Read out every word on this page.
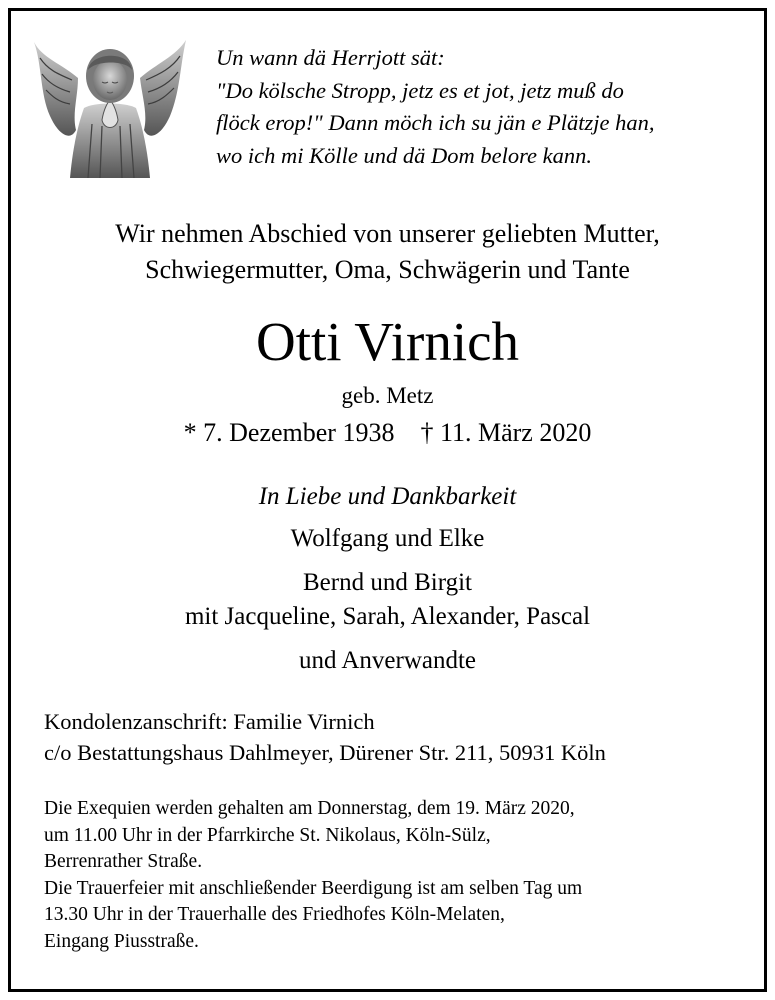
Un wann dä Herrjott sät:
"Do kölsche Stropp, jetz es et jot, jetz muß do
flöck erop!" Dann möch ich su jän e Plätzje han,
wo ich mi Kölle und dä Dom belore kann.
Wir nehmen Abschied von unserer geliebten Mutter,
Schwiegermutter, Oma, Schwägerin und Tante
Otti Virnich
geb. Metz
* 7. Dezember 1938 † 11. März 2020
In Liebe und Dankbarkeit
Wolfgang und Elke
Bernd und Birgit
mit Jacqueline, Sarah, Alexander, Pascal
und Anverwandte
Kondolenzanschrift: Familie Virnich
c/o Bestattungshaus Dahlmeyer, Dürener Str. 211, 50931 Köln
Die Exequien werden gehalten am Donnerstag, dem 19. März 2020,
um 11.00 Uhr in der Pfarrkirche St. Nikolaus, Köln-Sülz,
Berrenrather Straße.
Die Trauerfeier mit anschließender Beerdigung ist am selben Tag um
13.30 Uhr in der Trauerhalle des Friedhofes Köln-Melaten,
Eingang Piusstraße.
